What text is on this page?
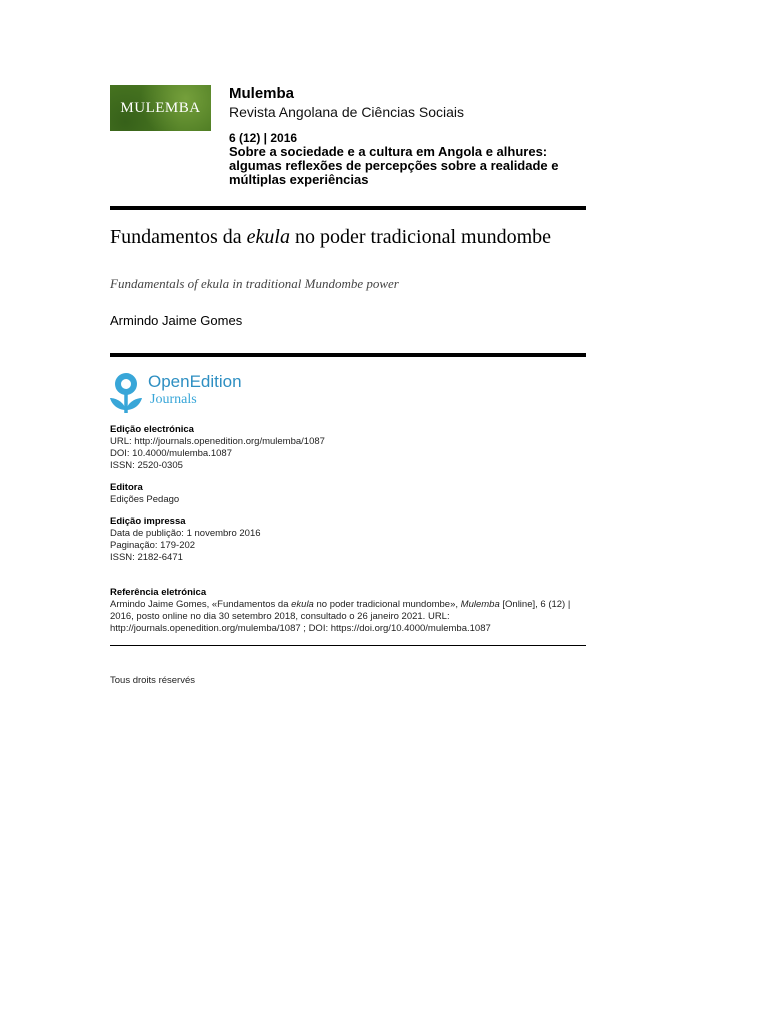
MULEMBA
Mulemba
Revista Angolana de Ciências Sociais
6 (12) | 2016
Sobre a sociedade e a cultura em Angola e alhures: algumas reflexões de percepções sobre a realidade e múltiplas experiências
Fundamentos da ekula no poder tradicional mundombe
Fundamentals of ekula in traditional Mundombe power
Armindo Jaime Gomes
OpenEdition
Journals
Edição electrónica
URL: http://journals.openedition.org/mulemba/1087
DOI: 10.4000/mulemba.1087
ISSN: 2520-0305
Editora
Edições Pedago
Edição impressa
Data de publição: 1 novembro 2016
Paginação: 179-202
ISSN: 2182-6471
Referência eletrónica
Armindo Jaime Gomes, «Fundamentos da ekula no poder tradicional mundombe», Mulemba [Online], 6 (12) | 2016, posto online no dia 30 setembro 2018, consultado o 26 janeiro 2021. URL: http://journals.openedition.org/mulemba/1087 ; DOI: https://doi.org/10.4000/mulemba.1087
Tous droits réservés
